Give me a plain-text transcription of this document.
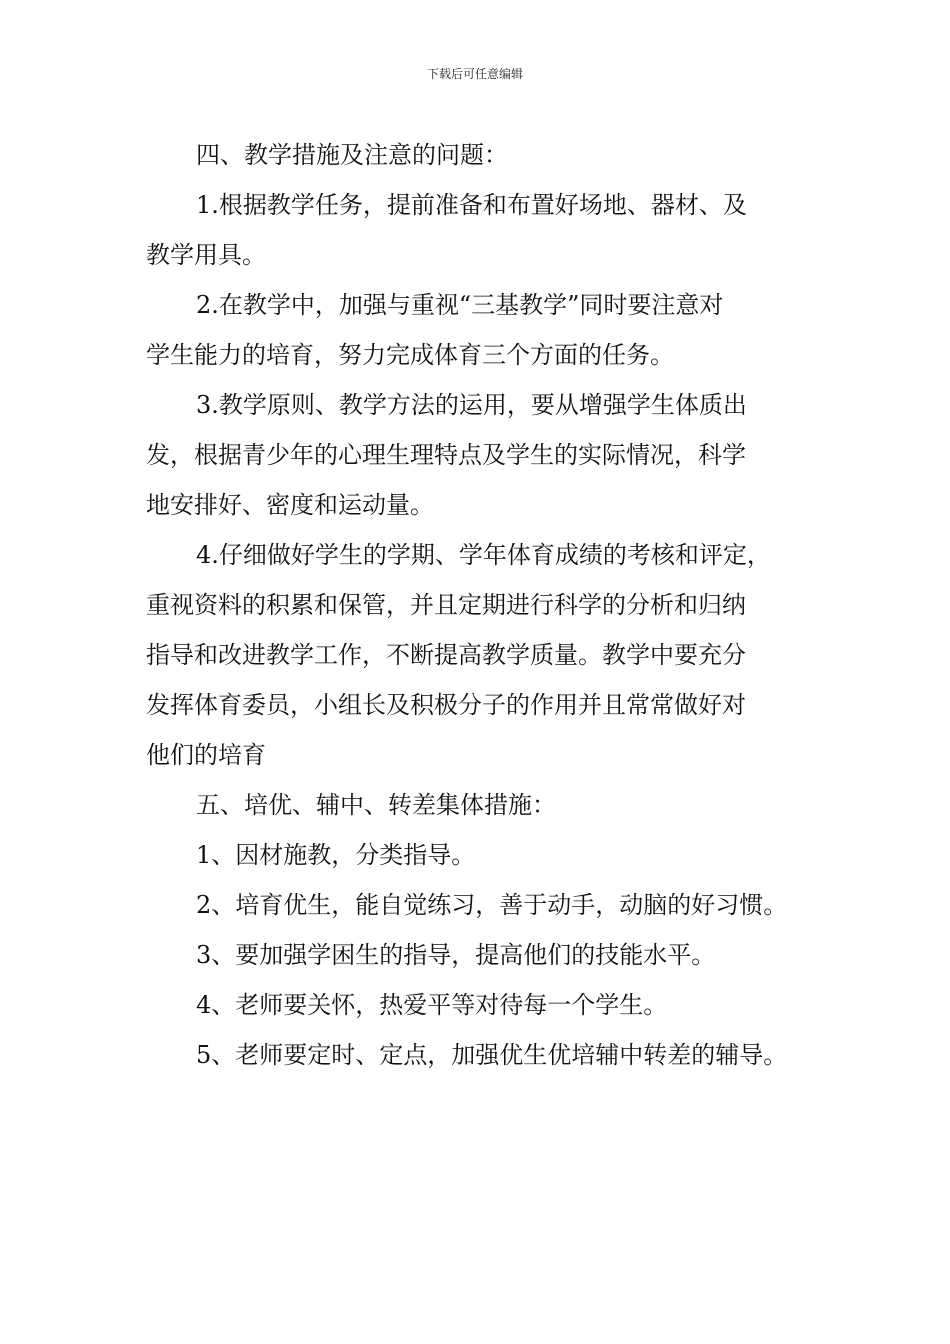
下载后可任意编辑

四、教学措施及注意的问题：

1.根据教学任务，提前准备和布置好场地、器材、及
教学用具。

2.在教学中，加强与重视“三基教学”同时要注意对
学生能力的培育，努力完成体育三个方面的任务。

3.教学原则、教学方法的运用，要从增强学生体质出
发，根据青少年的心理生理特点及学生的实际情况，科学
地安排好、密度和运动量。

4.仔细做好学生的学期、学年体育成绩的考核和评定，
重视资料的积累和保管，并且定期进行科学的分析和归纳
指导和改进教学工作，不断提高教学质量。教学中要充分
发挥体育委员，小组长及积极分子的作用并且常常做好对
他们的培育

五、培优、辅中、转差集体措施：

1、因材施教，分类指导。

2、培育优生，能自觉练习，善于动手，动脑的好习惯。

3、要加强学困生的指导，提高他们的技能水平。

4、老师要关怀，热爱平等对待每一个学生。

5、老师要定时、定点，加强优生优培辅中转差的辅导。
